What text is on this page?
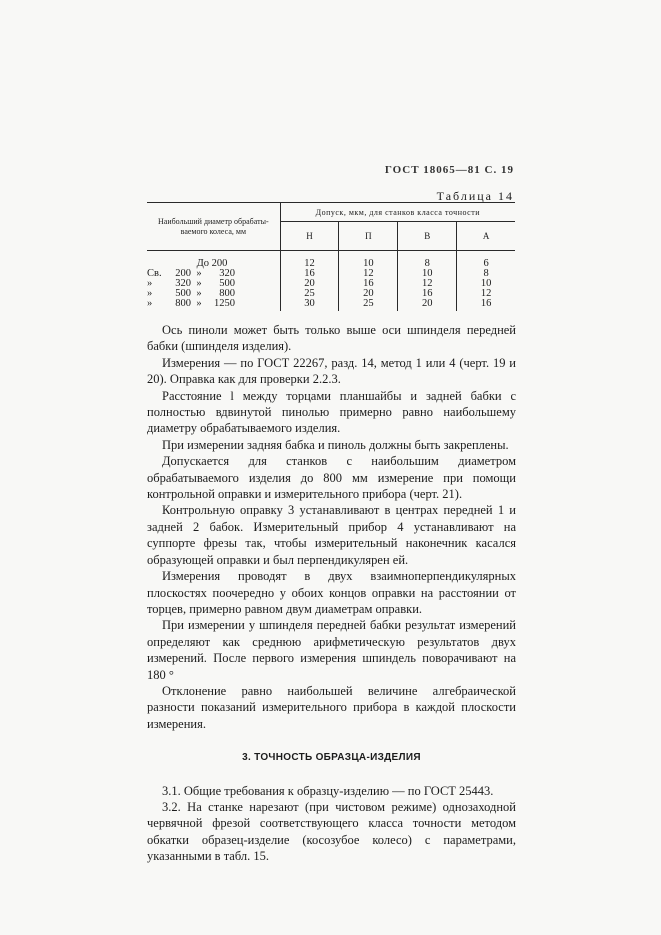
ГОСТ 18065—81 С. 19
Таблица 14
Наибольший диаметр обрабаты-ваемого колеса, мм	Допуск, мкм, для станков класса точности			
	Н	П	В	А
До 200	12	10	8	6
Св. 200 » 320	16	12	10	8
» 320 » 500	20	16	12	10
» 500 » 800	25	20	16	12
» 800 » 1250	30	25	20	16

Ось пиноли может быть только выше оси шпинделя передней бабки (шпинделя изделия).

Измерения — по ГОСТ 22267, разд. 14, метод 1 или 4 (черт. 19 и 20). Оправка как для проверки 2.2.3.

Расстояние l между торцами планшайбы и задней бабки с полностью вдвинутой пинолью примерно равно наибольшему диаметру обрабатываемого изделия.

При измерении задняя бабка и пиноль должны быть закреплены.

Допускается для станков с наибольшим диаметром обрабатываемого изделия до 800 мм измерение при помощи контрольной оправки и измерительного прибора (черт. 21).

Контрольную оправку 3 устанавливают в центрах передней 1 и задней 2 бабок. Измерительный прибор 4 устанавливают на суппорте фрезы так, чтобы измерительный наконечник касался образующей оправки и был перпендикулярен ей.

Измерения проводят в двух взаимноперпендикулярных плоскостях поочередно у обоих концов оправки на расстоянии от торцев, примерно равном двум диаметрам оправки.

При измерении у шпинделя передней бабки результат измерений определяют как среднюю арифметическую результатов двух измерений. После первого измерения шпиндель поворачивают на 180 °

Отклонение равно наибольшей величине алгебраической разности показаний измерительного прибора в каждой плоскости измерения.

3. ТОЧНОСТЬ ОБРАЗЦА-ИЗДЕЛИЯ

3.1. Общие требования к образцу-изделию — по ГОСТ 25443.

3.2. На станке нарезают (при чистовом режиме) однозаходной червячной фрезой соответствующего класса точности методом обкатки образец-изделие (косозубое колесо) с параметрами, указанными в табл. 15.
